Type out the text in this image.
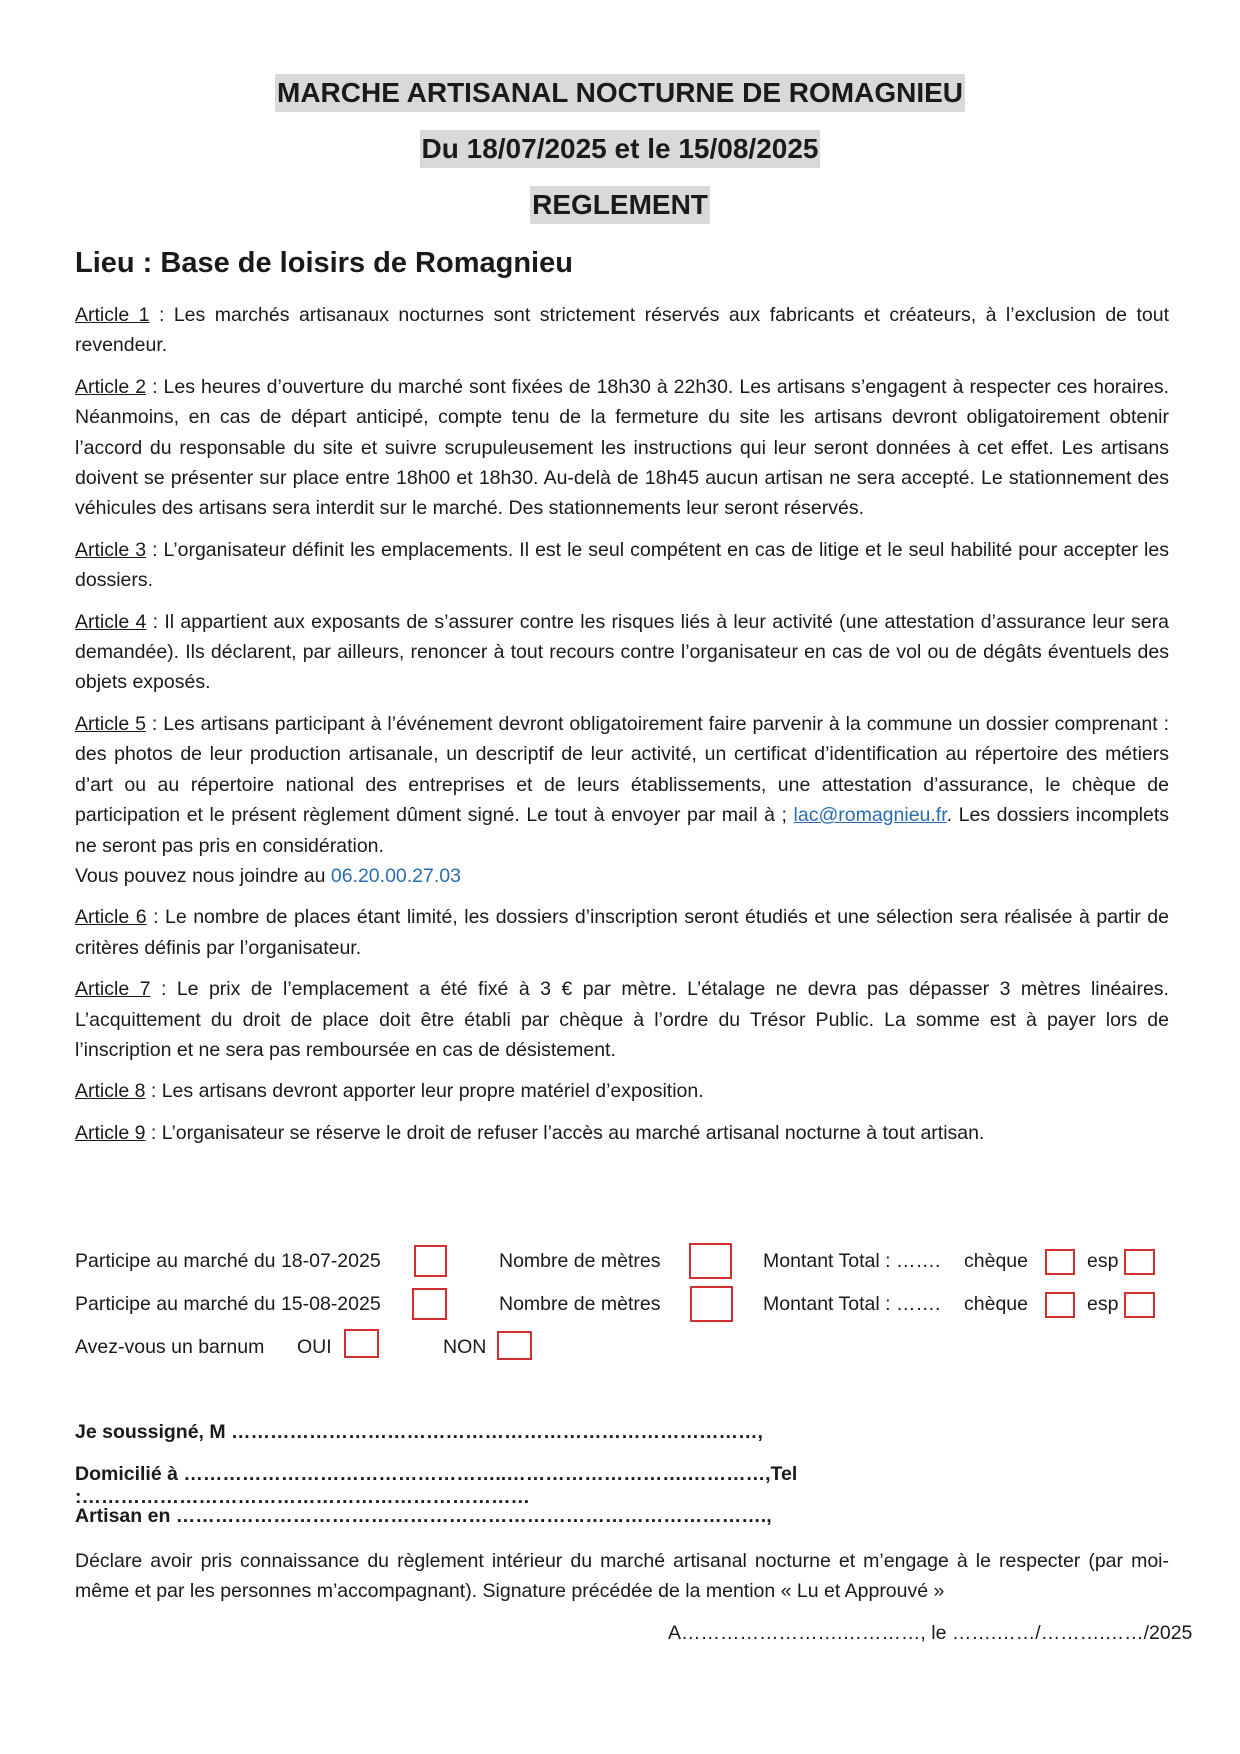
MARCHE ARTISANAL NOCTURNE DE ROMAGNIEU
Du 18/07/2025 et le 15/08/2025
REGLEMENT
Lieu : Base de loisirs de Romagnieu

Article 1 : Les marchés artisanaux nocturnes sont strictement réservés aux fabricants et créateurs, à l’exclusion de tout revendeur.

Article 2 : Les heures d’ouverture du marché sont fixées de 18h30 à 22h30. Les artisans s’engagent à respecter ces horaires. Néanmoins, en cas de départ anticipé, compte tenu de la fermeture du site les artisans devront obligatoirement obtenir l’accord du responsable du site et suivre scrupuleusement les instructions qui leur seront données à cet effet. Les artisans doivent se présenter sur place entre 18h00 et 18h30. Au-delà de 18h45 aucun artisan ne sera accepté. Le stationnement des véhicules des artisans sera interdit sur le marché. Des stationnements leur seront réservés.

Article 3 : L’organisateur définit les emplacements. Il est le seul compétent en cas de litige et le seul habilité pour accepter les dossiers.

Article 4 : Il appartient aux exposants de s’assurer contre les risques liés à leur activité (une attestation d’assurance leur sera demandée). Ils déclarent, par ailleurs, renoncer à tout recours contre l’organisateur en cas de vol ou de dégâts éventuels des objets exposés.

Article 5 : Les artisans participant à l’événement devront obligatoirement faire parvenir à la commune un dossier comprenant : des photos de leur production artisanale, un descriptif de leur activité, un certificat d’identification au répertoire des métiers d’art ou au répertoire national des entreprises et de leurs établissements, une attestation d’assurance, le chèque de participation et le présent règlement dûment signé. Le tout à envoyer par mail à ; lac@romagnieu.fr. Les dossiers incomplets ne seront pas pris en considération.
Vous pouvez nous joindre au 06.20.00.27.03

Article 6 : Le nombre de places étant limité, les dossiers d’inscription seront étudiés et une sélection sera réalisée à partir de critères définis par l’organisateur.

Article 7 : Le prix de l’emplacement a été fixé à 3 € par mètre. L’étalage ne devra pas dépasser 3 mètres linéaires. L’acquittement du droit de place doit être établi par chèque à l’ordre du Trésor Public. La somme est à payer lors de l’inscription et ne sera pas remboursée en cas de désistement.

Article 8 : Les artisans devront apporter leur propre matériel d’exposition.

Article 9 : L’organisateur se réserve le droit de refuser l’accès au marché artisanal nocturne à tout artisan.

Participe au marché du 18-07-2025	Nombre de mètres	Montant Total : ……. chèque	esp
Participe au marché du 15-08-2025	Nombre de mètres	Montant Total : ……. chèque	esp
Avez-vous un barnum OUI	NON
Je soussigné, M ………………………………………………………………………,
Domicilié à …………………………………………..……………………….…………,Tel :……………………………………………………………
Artisan en ……………………………………………………………………………….,
Déclare avoir pris connaissance du règlement intérieur du marché artisanal nocturne et m’engage à le respecter (par moi-même et par les personnes m’accompagnant). Signature précédée de la mention « Lu et Approuvé »
A…………………….…………, le …….……/……….……/2025
